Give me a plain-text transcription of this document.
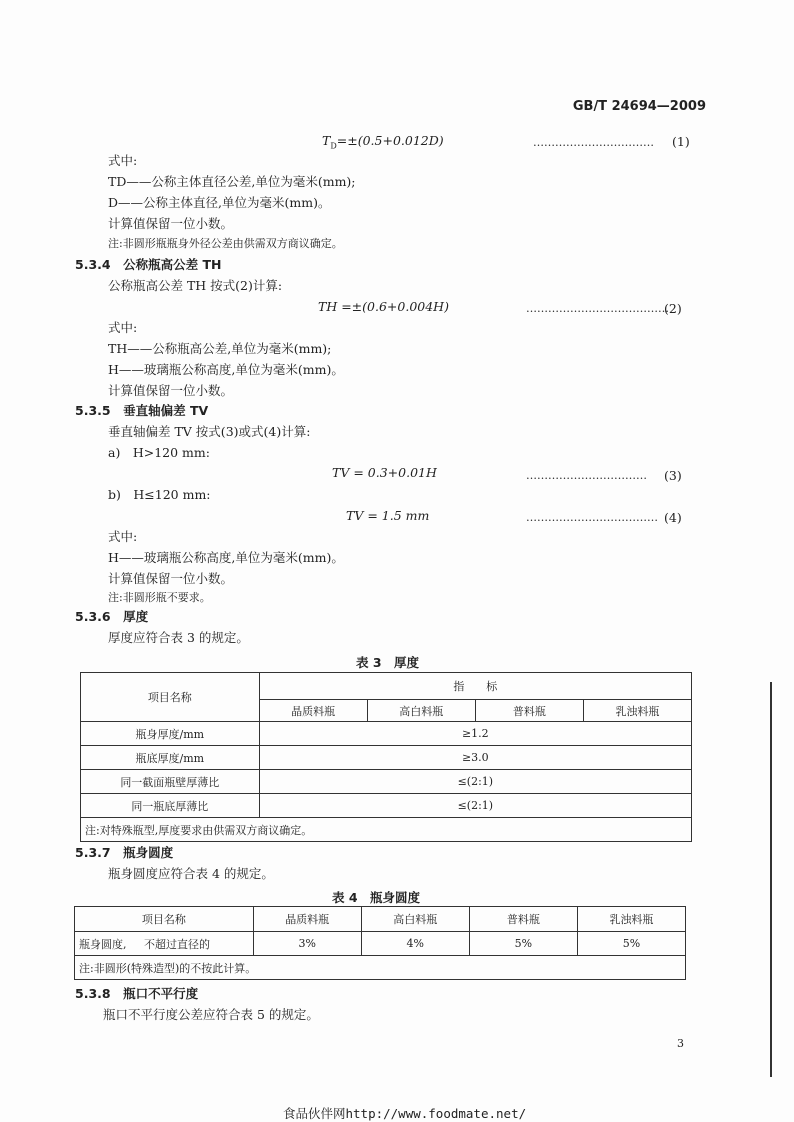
GB/T 24694—2009
$T_D=\pm(0.5+0.012D)$	…………………………… (1)
式中:
TD——公称主体直径公差,单位为毫米(mm);
D——公称主体直径,单位为毫米(mm)。
计算值保留一位小数。
注:非圆形瓶瓶身外径公差由供需双方商议确定。
5.3.4　公称瓶高公差 TH
公称瓶高公差 TH 按式(2)计算:
TH =±(0.6+0.004H)	…………………………………
(2)
式中:
TH——公称瓶高公差,单位为毫米(mm);
H——玻璃瓶公称高度,单位为毫米(mm)。
计算值保留一位小数。
5.3.5　垂直轴偏差 TV
垂直轴偏差 TV 按式(3)或式(4)计算:
a)　H>120 mm:
TV = 0.3+0.01H	…………………………… (3)
b)　H≤120 mm:
TV = 1.5 mm	……………………………… (4)
式中:
H——玻璃瓶公称高度,单位为毫米(mm)。
计算值保留一位小数。
注:非圆形瓶不要求。
5.3.6　厚度
厚度应符合表 3 的规定。
表 3　厚度
项目名称	指　　标			
	晶质料瓶	高白料瓶	普料瓶	乳浊料瓶
瓶身厚度/mm	≥1.2			
瓶底厚度/mm	≥3.0			
同一截面瓶壁厚薄比	≤(2:1)			
同一瓶底厚薄比	≤(2:1)			
注:对特殊瓶型,厚度要求由供需双方商议确定。				
5.3.7　瓶身圆度
瓶身圆度应符合表 4 的规定。
表 4　瓶身圆度
项目名称	晶质料瓶	高白料瓶	普料瓶	乳浊料瓶
瓶身圆度, 不超过直径的	3%	4%	5%	5%
注:非圆形(特殊造型)的不按此计算。				
5.3.8　瓶口不平行度
瓶口不平行度公差应符合表 5 的规定。
3
食品伙伴网http://www.foodmate.net/
